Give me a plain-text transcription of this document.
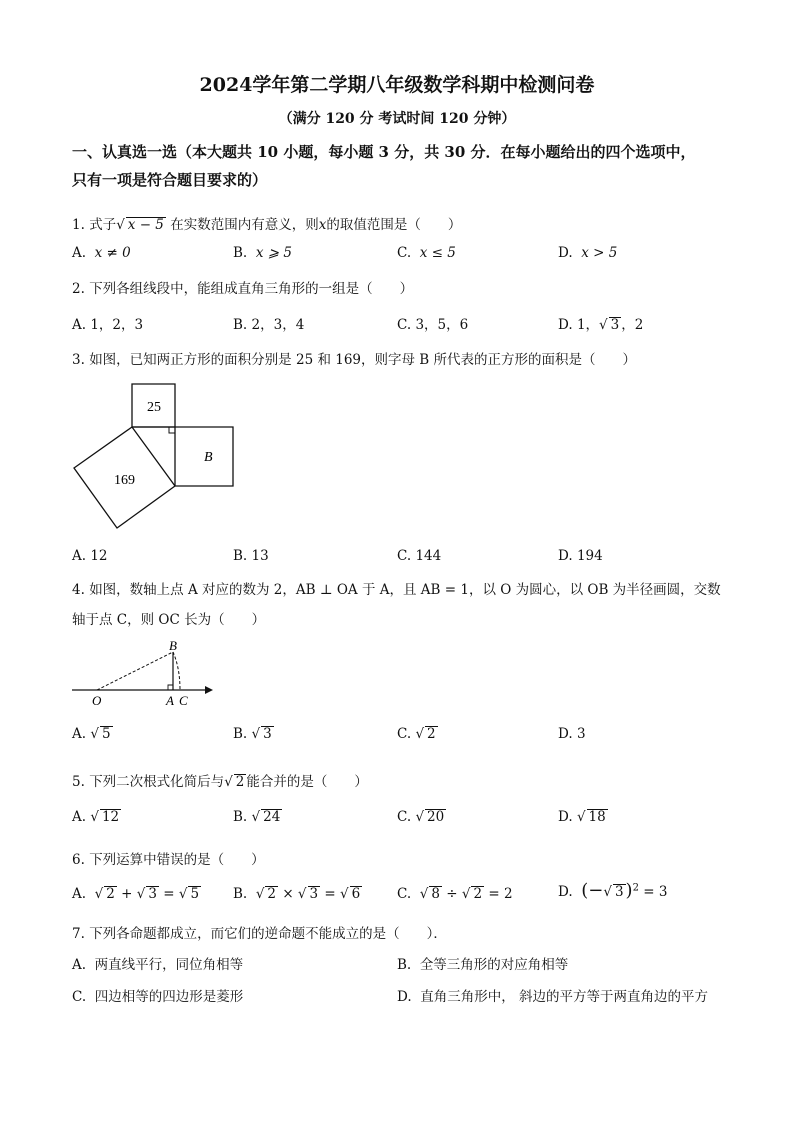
2024学年第二学期八年级数学科期中检测问卷
（满分 120 分 考试时间 120 分钟）
一、认真选一选（本大题共 10 小题，每小题 3 分，共 30 分．在每小题给出的四个选项中，
只有一项是符合题目要求的）
1. 式子√ x − 5 在实数范围内有意义，则x的取值范围是（　　）
A. x ≠ 0	B. x ⩾ 5	C. x ≤ 5	D. x > 5
2. 下列各组线段中，能组成直角三角形的一组是（　　）
A. 1，2，3	B. 2，3，4	C. 3，5，6	D. 1，√ 3 ，2
3. 如图，已知两正方形的面积分别是 25 和 169，则字母 B 所代表的正方形的面积是（　　）
25
B
169
A. 12	B. 13	C. 144	D. 194
4. 如图，数轴上点 A 对应的数为 2，AB ⊥ OA 于 A，且 AB = 1，以 O 为圆心，以 OB 为半径画圆，交数
轴于点 C，则 OC 长为（　　）
O	A C
B
A. √ 5	B. √ 3	C. √ 2	D. 3
5. 下列二次根式化简后与√ 2 能合并的是（　　）
A. √ 12	B. √ 24	C. √ 20	D. √ 18
6. 下列运算中错误的是（　　）
A. √ 2 + √ 3 = √ 5	B. √ 2 × √ 3 = √ 6	C. √ 8 ÷ √ 2 = 2	D. (−√ 3 )$^2$ = 3
7. 下列各命题都成立，而它们的逆命题不能成立的是（　　）．
A. 两直线平行，同位角相等	B. 全等三角形的对应角相等
C. 四边相等的四边形是菱形	D. 直角三角形中， 斜边的平方等于两直角边的平方
